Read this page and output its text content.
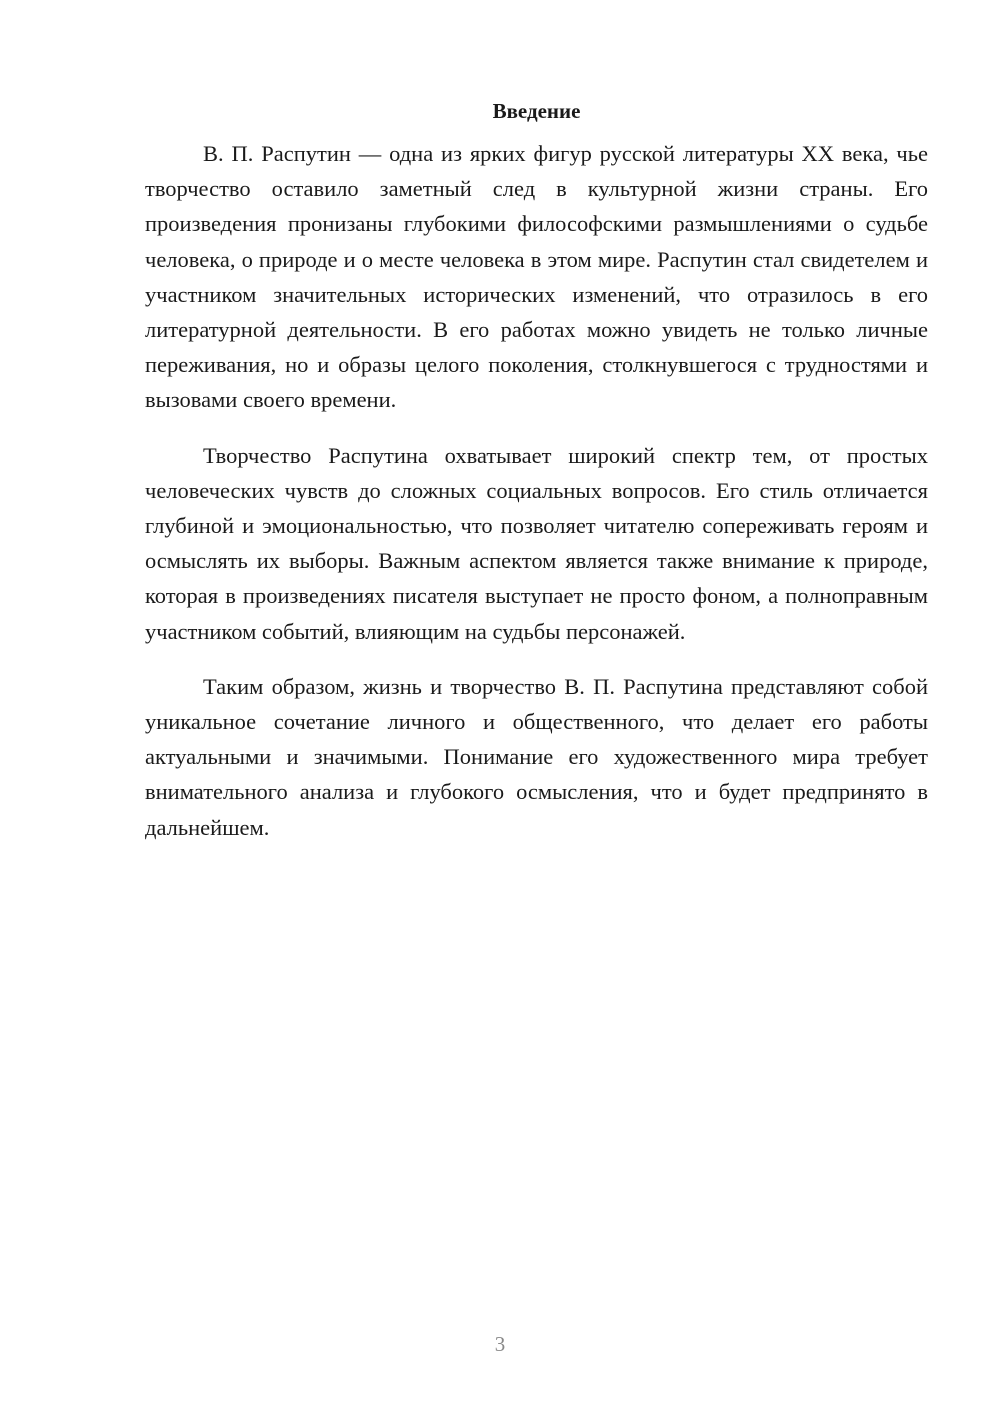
Введение

В. П. Распутин — одна из ярких фигур русской литературы XX века, чье творчество оставило заметный след в культурной жизни страны. Его произведения пронизаны глубокими философскими размышлениями о судьбе человека, о природе и о месте человека в этом мире. Распутин стал свидетелем и участником значительных исторических изменений, что отразилось в его литературной деятельности. В его работах можно увидеть не только личные переживания, но и образы целого поколения, столкнувшегося с трудностями и вызовами своего времени.

Творчество Распутина охватывает широкий спектр тем, от простых человеческих чувств до сложных социальных вопросов. Его стиль отличается глубиной и эмоциональностью, что позволяет читателю сопереживать героям и осмыслять их выборы. Важным аспектом является также внимание к природе, которая в произведениях писателя выступает не просто фоном, а полноправным участником событий, влияющим на судьбы персонажей.

Таким образом, жизнь и творчество В. П. Распутина представляют собой уникальное сочетание личного и общественного, что делает его работы актуальными и значимыми. Понимание его художественного мира требует внимательного анализа и глубокого осмысления, что и будет предпринято в дальнейшем.

3
